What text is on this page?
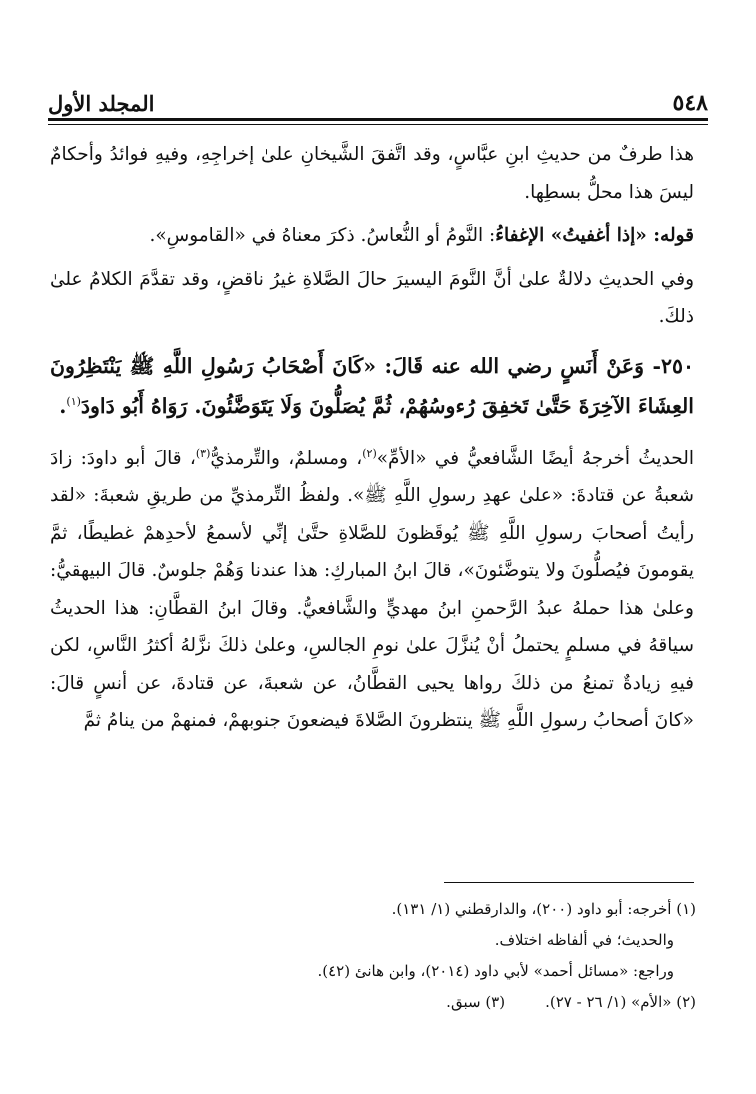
٥٤٨
المجلد الأول

هذا طرفٌ من حديثِ ابنِ عبَّاسٍ، وقد اتَّفقَ الشَّيخانِ علىٰ إخراجِهِ، وفيهِ فوائدُ وأحكامٌ ليسَ هذا محلُّ بسطِها.

قوله: «إذا أغفيتُ» الإغفاءُ: النَّومُ أو النُّعاسُ. ذكرَ معناهُ في «القاموسِ».

وفي الحديثِ دلالةٌ علىٰ أنَّ النَّومَ اليسيرَ حالَ الصَّلاةِ غيرُ ناقضٍ، وقد تقدَّمَ الكلامُ علىٰ ذلكَ.

٢٥٠- وَعَنْ أَنَسٍ رضي الله عنه قَالَ: «كَانَ أَصْحَابُ رَسُولِ اللَّهِ ﷺ يَنْتَظِرُونَ العِشَاءَ الآخِرَةَ حَتَّىٰ تَخفِقَ رُءوسُهُمْ، ثُمَّ يُصَلُّونَ وَلَا يَتَوَضَّئُونَ. رَوَاهُ أَبُو دَاودَ$^{(١)}$.

الحديثُ أخرجهُ أيضًا الشَّافعيُّ في «الأمِّ»$^{(٢)}$، ومسلمٌ، والتِّرمذيُّ$^{(٣)}$، قالَ أبو داودَ: زادَ شعبةُ عن قتادةَ: «علىٰ عهدِ رسولِ اللَّهِ ﷺ». ولفظُ التِّرمذيِّ من طريقِ شعبةَ: «لقد رأيتُ أصحابَ رسولِ اللَّهِ ﷺ يُوقَظونَ للصَّلاةِ حتَّىٰ إنِّي لأسمعُ لأحدِهمْ غطيطًا، ثمَّ يقومونَ فيُصلُّونَ ولا يتوضَّئونَ»، قالَ ابنُ المباركِ: هذا عندنا وَهُمْ جلوسٌ. قالَ البيهقيُّ: وعلىٰ هذا حملهُ عبدُ الرَّحمنِ ابنُ مهديٍّ والشَّافعيُّ. وقالَ ابنُ القطَّانِ: هذا الحديثُ سياقهُ في مسلمٍ يحتملُ أنْ يُنزَّلَ علىٰ نومِ الجالسِ، وعلىٰ ذلكَ نزَّلهُ أكثرُ النَّاسِ، لكن فيهِ زيادةٌ تمنعُ من ذلكَ رواها يحيى القطَّانُ، عن شعبةَ، عن قتادةَ، عن أنسٍ قالَ: «كانَ أصحابُ رسولِ اللَّهِ ﷺ ينتظرونَ الصَّلاةَ فيضعونَ جنوبهمْ، فمنهمْ من ينامُ ثمَّ

(١) أخرجه: أبو داود (٢٠٠)، والدارقطني (١/ ١٣١).

والحديث؛ في ألفاظه اختلاف.

وراجع: «مسائل أحمد» لأبي داود (٢٠١٤)، وابن هانئ (٤٢).

(٢) «الأم» (١/ ٢٦ - ٢٧).

(٣) سبق.
